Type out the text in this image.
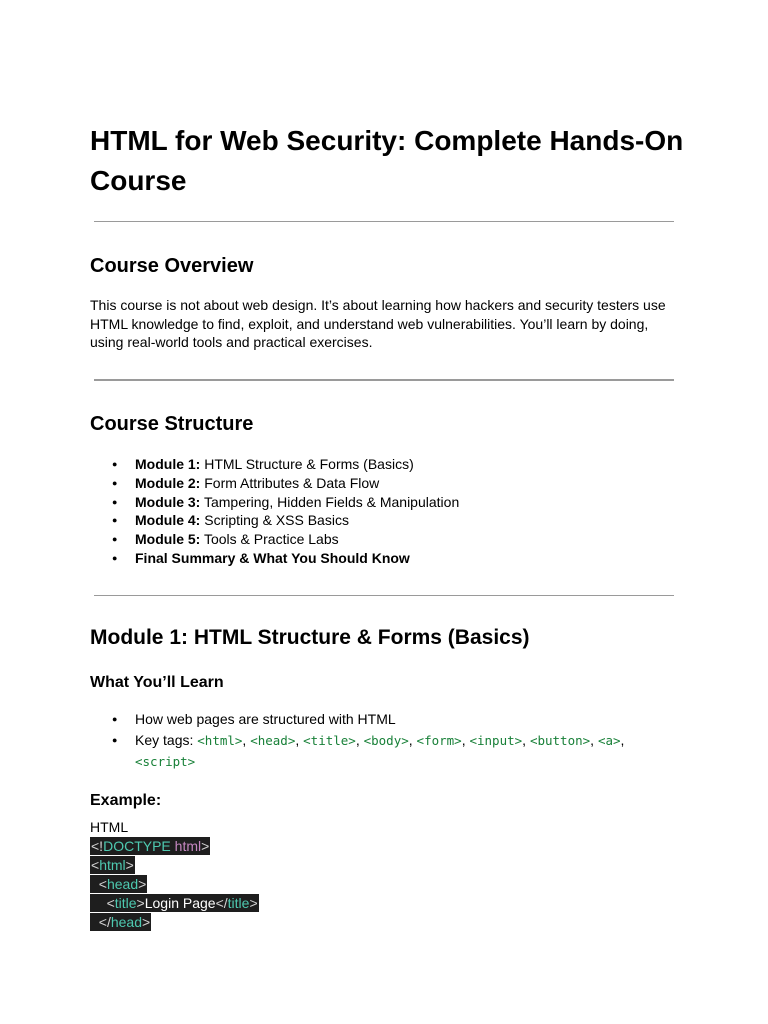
HTML for Web Security: Complete Hands-On Course
Course Overview

This course is not about web design. It’s about learning how hackers and security testers use HTML knowledge to find, exploit, and understand web vulnerabilities. You’ll learn by doing, using real-world tools and practical exercises.

Course Structure
● Module 1: HTML Structure & Forms (Basics)
● Module 2: Form Attributes & Data Flow
● Module 3: Tampering, Hidden Fields & Manipulation
● Module 4: Scripting & XSS Basics
● Module 5: Tools & Practice Labs
● Final Summary & What You Should Know
Module 1: HTML Structure & Forms (Basics)
What You’ll Learn
● How web pages are structured with HTML
● Key tags: <html>, <head>, <title>, <body>, <form>, <input>, <button>, <a>, <script>
Example:
HTML
<!DOCTYPE html>
<html>
<head>
<title>Login Page</title>
</head>
